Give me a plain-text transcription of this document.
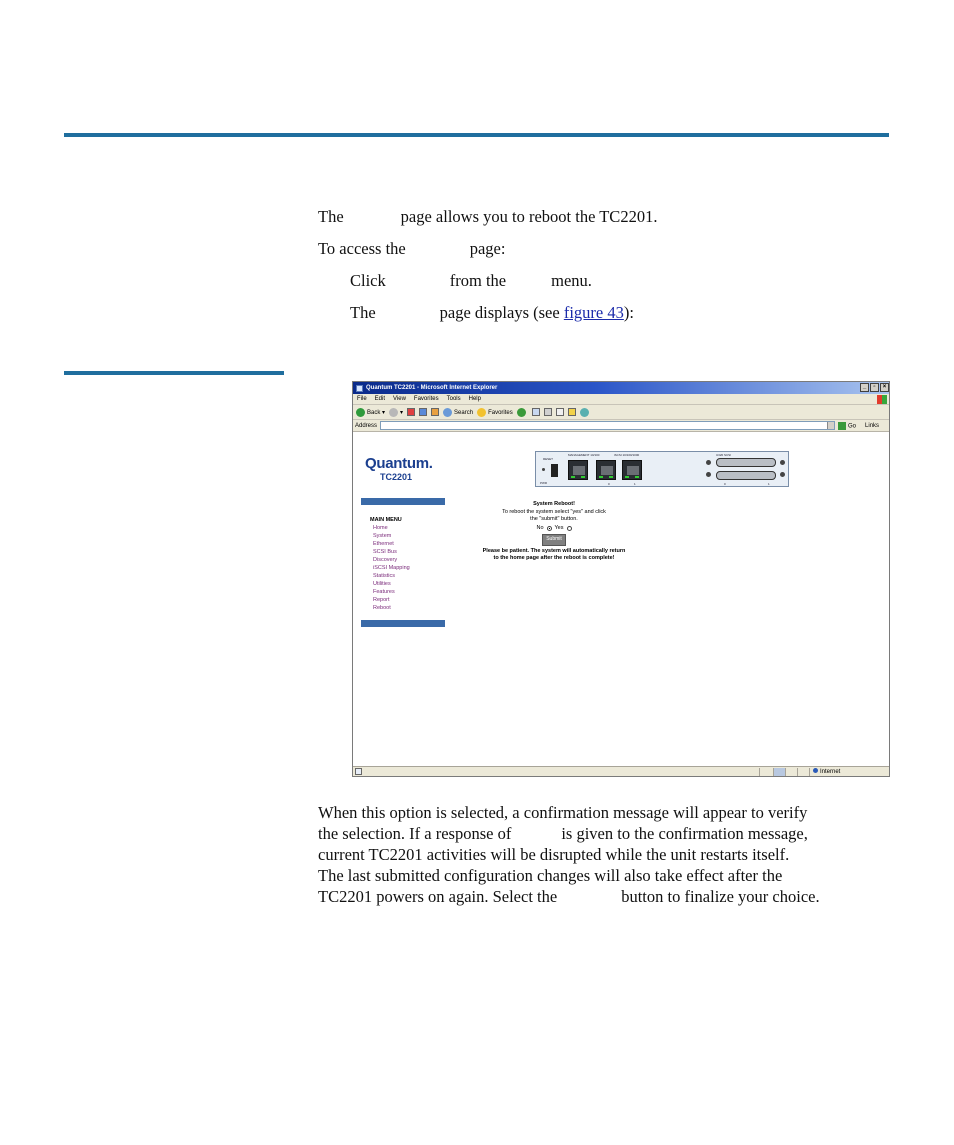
The	page allows you to reboot the TC2201.
To access the	page:
Click	from the	menu.
The	page displays (see figure 43):
Quantum TC2201 - Microsoft Internet Explorer	_	▫	×
File Edit View Favorites Tools Help
Back ▾	▾	Search	Favorites
Address	Go Links
Quantum.
TC2201
RESET
PWR
MANAGEMENT 10/100	iSCSI 10/100/1000
0	1
U320 SCSI
0	1
MAIN MENU
Home
System
Ethernet
SCSI Bus
Discovery
iSCSI Mapping
Statistics
Utilities
Features
Report
Reboot
System Reboot!
To reboot the system select "yes" and click
the "submit" button.
No Yes
Submit
Please be patient. The system will automatically return
to the home page after the reboot is complete!
Internet
When this option is selected, a confirmation message will appear to verify
the selection. If a response of	is given to the confirmation message,
current TC2201 activities will be disrupted while the unit restarts itself.
The last submitted configuration changes will also take effect after the
TC2201 powers on again. Select the	button to finalize your choice.
